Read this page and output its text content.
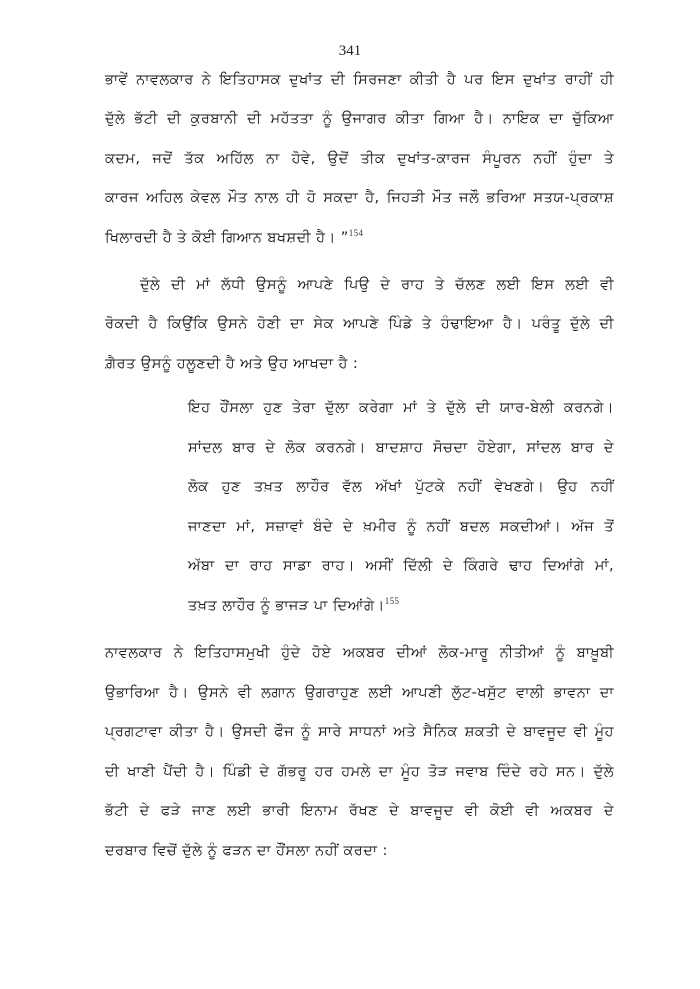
341
ਭਾਵੇਂ ਨਾਵਲਕਾਰ ਨੇ ਇਤਿਹਾਸਕ ਦੁਖਾਂਤ ਦੀ ਸਿਰਜਣਾ ਕੀਤੀ ਹੈ ਪਰ ਇਸ ਦੁਖਾਂਤ ਰਾਹੀਂ ਹੀ
ਦੁੱਲੇ ਭੱਟੀ ਦੀ ਕੁਰਬਾਨੀ ਦੀ ਮਹੱਤਤਾ ਨੂੰ ਉਜਾਗਰ ਕੀਤਾ ਗਿਆ ਹੈ। ਨਾਇਕ ਦਾ ਚੁੱਕਿਆ
ਕਦਮ, ਜਦੋਂ ਤੱਕ ਅਹਿੱਲ ਨਾ ਹੋਵੇ, ਉਦੋਂ ਤੀਕ ਦੁਖਾਂਤ-ਕਾਰਜ ਸੰਪੂਰਨ ਨਹੀਂ ਹੁੰਦਾ ਤੇ
ਕਾਰਜ ਅਹਿਲ ਕੇਵਲ ਮੌਤ ਨਾਲ ਹੀ ਹੋ ਸਕਦਾ ਹੈ, ਜਿਹੜੀ ਮੌਤ ਜਲੌ ਭਰਿਆ ਸਤਯ-ਪ੍ਰਕਾਸ਼
ਖਿਲਾਰਦੀ ਹੈ ਤੇ ਕੋਈ ਗਿਆਨ ਬਖਸ਼ਦੀ ਹੈ। ”$^{154}$
ਦੁੱਲੇ ਦੀ ਮਾਂ ਲੱਧੀ ਉਸਨੂੰ ਆਪਣੇ ਪਿਉ ਦੇ ਰਾਹ ਤੇ ਚੱਲਣ ਲਈ ਇਸ ਲਈ ਵੀ
ਰੋਕਦੀ ਹੈ ਕਿਉਂਕਿ ਉਸਨੇ ਹੋਣੀ ਦਾ ਸੇਕ ਆਪਣੇ ਪਿੰਡੇ ਤੇ ਹੰਢਾਇਆ ਹੈ। ਪਰੰਤੂ ਦੁੱਲੇ ਦੀ
ਗ਼ੈਰਤ ਉਸਨੂੰ ਹਲੂਣਦੀ ਹੈ ਅਤੇ ਉਹ ਆਖਦਾ ਹੈ :
ਇਹ ਹੌਂਸਲਾ ਹੁਣ ਤੇਰਾ ਦੁੱਲਾ ਕਰੇਗਾ ਮਾਂ ਤੇ ਦੁੱਲੇ ਦੀ ਯਾਰ-ਬੇਲੀ ਕਰਨਗੇ।
ਸਾਂਦਲ ਬਾਰ ਦੇ ਲੋਕ ਕਰਨਗੇ। ਬਾਦਸ਼ਾਹ ਸੋਚਦਾ ਹੋਏਗਾ, ਸਾਂਦਲ ਬਾਰ ਦੇ
ਲੋਕ ਹੁਣ ਤਖ਼ਤ ਲਾਹੌਰ ਵੱਲ ਅੱਖਾਂ ਪੁੱਟਕੇ ਨਹੀਂ ਵੇਖਣਗੇ। ਉਹ ਨਹੀਂ
ਜਾਣਦਾ ਮਾਂ, ਸਜ਼ਾਵਾਂ ਬੰਦੇ ਦੇ ਖ਼ਮੀਰ ਨੂੰ ਨਹੀਂ ਬਦਲ ਸਕਦੀਆਂ। ਅੱਜ ਤੋਂ
ਅੱਬਾ ਦਾ ਰਾਹ ਸਾਡਾ ਰਾਹ। ਅਸੀਂ ਦਿੱਲੀ ਦੇ ਕਿੰਗਰੇ ਢਾਹ ਦਿਆਂਗੇ ਮਾਂ,
ਤਖ਼ਤ ਲਾਹੌਰ ਨੂੰ ਭਾਜੜ ਪਾ ਦਿਆਂਗੇ।$^{155}$
ਨਾਵਲਕਾਰ ਨੇ ਇਤਿਹਾਸਮੁਖੀ ਹੁੰਦੇ ਹੋਏ ਅਕਬਰ ਦੀਆਂ ਲੋਕ-ਮਾਰੂ ਨੀਤੀਆਂ ਨੂੰ ਬਾਖ਼ੂਬੀ
ਉਭਾਰਿਆ ਹੈ। ਉਸਨੇ ਵੀ ਲਗਾਨ ਉਗਰਾਹੁਣ ਲਈ ਆਪਣੀ ਲੁੱਟ-ਖਸੁੱਟ ਵਾਲੀ ਭਾਵਨਾ ਦਾ
ਪ੍ਰਗਟਾਵਾ ਕੀਤਾ ਹੈ। ਉਸਦੀ ਫੌਜ ਨੂੰ ਸਾਰੇ ਸਾਧਨਾਂ ਅਤੇ ਸੈਨਿਕ ਸ਼ਕਤੀ ਦੇ ਬਾਵਜੂਦ ਵੀ ਮੂੰਹ
ਦੀ ਖਾਣੀ ਪੈਂਦੀ ਹੈ। ਪਿੰਡੀ ਦੇ ਗੱਭਰੂ ਹਰ ਹਮਲੇ ਦਾ ਮੂੰਹ ਤੋੜ ਜਵਾਬ ਦਿੰਦੇ ਰਹੇ ਸਨ। ਦੁੱਲੇ
ਭੱਟੀ ਦੇ ਫੜੇ ਜਾਣ ਲਈ ਭਾਰੀ ਇਨਾਮ ਰੱਖਣ ਦੇ ਬਾਵਜੂਦ ਵੀ ਕੋਈ ਵੀ ਅਕਬਰ ਦੇ
ਦਰਬਾਰ ਵਿਚੋਂ ਦੁੱਲੇ ਨੂੰ ਫੜਨ ਦਾ ਹੌਂਸਲਾ ਨਹੀਂ ਕਰਦਾ :
